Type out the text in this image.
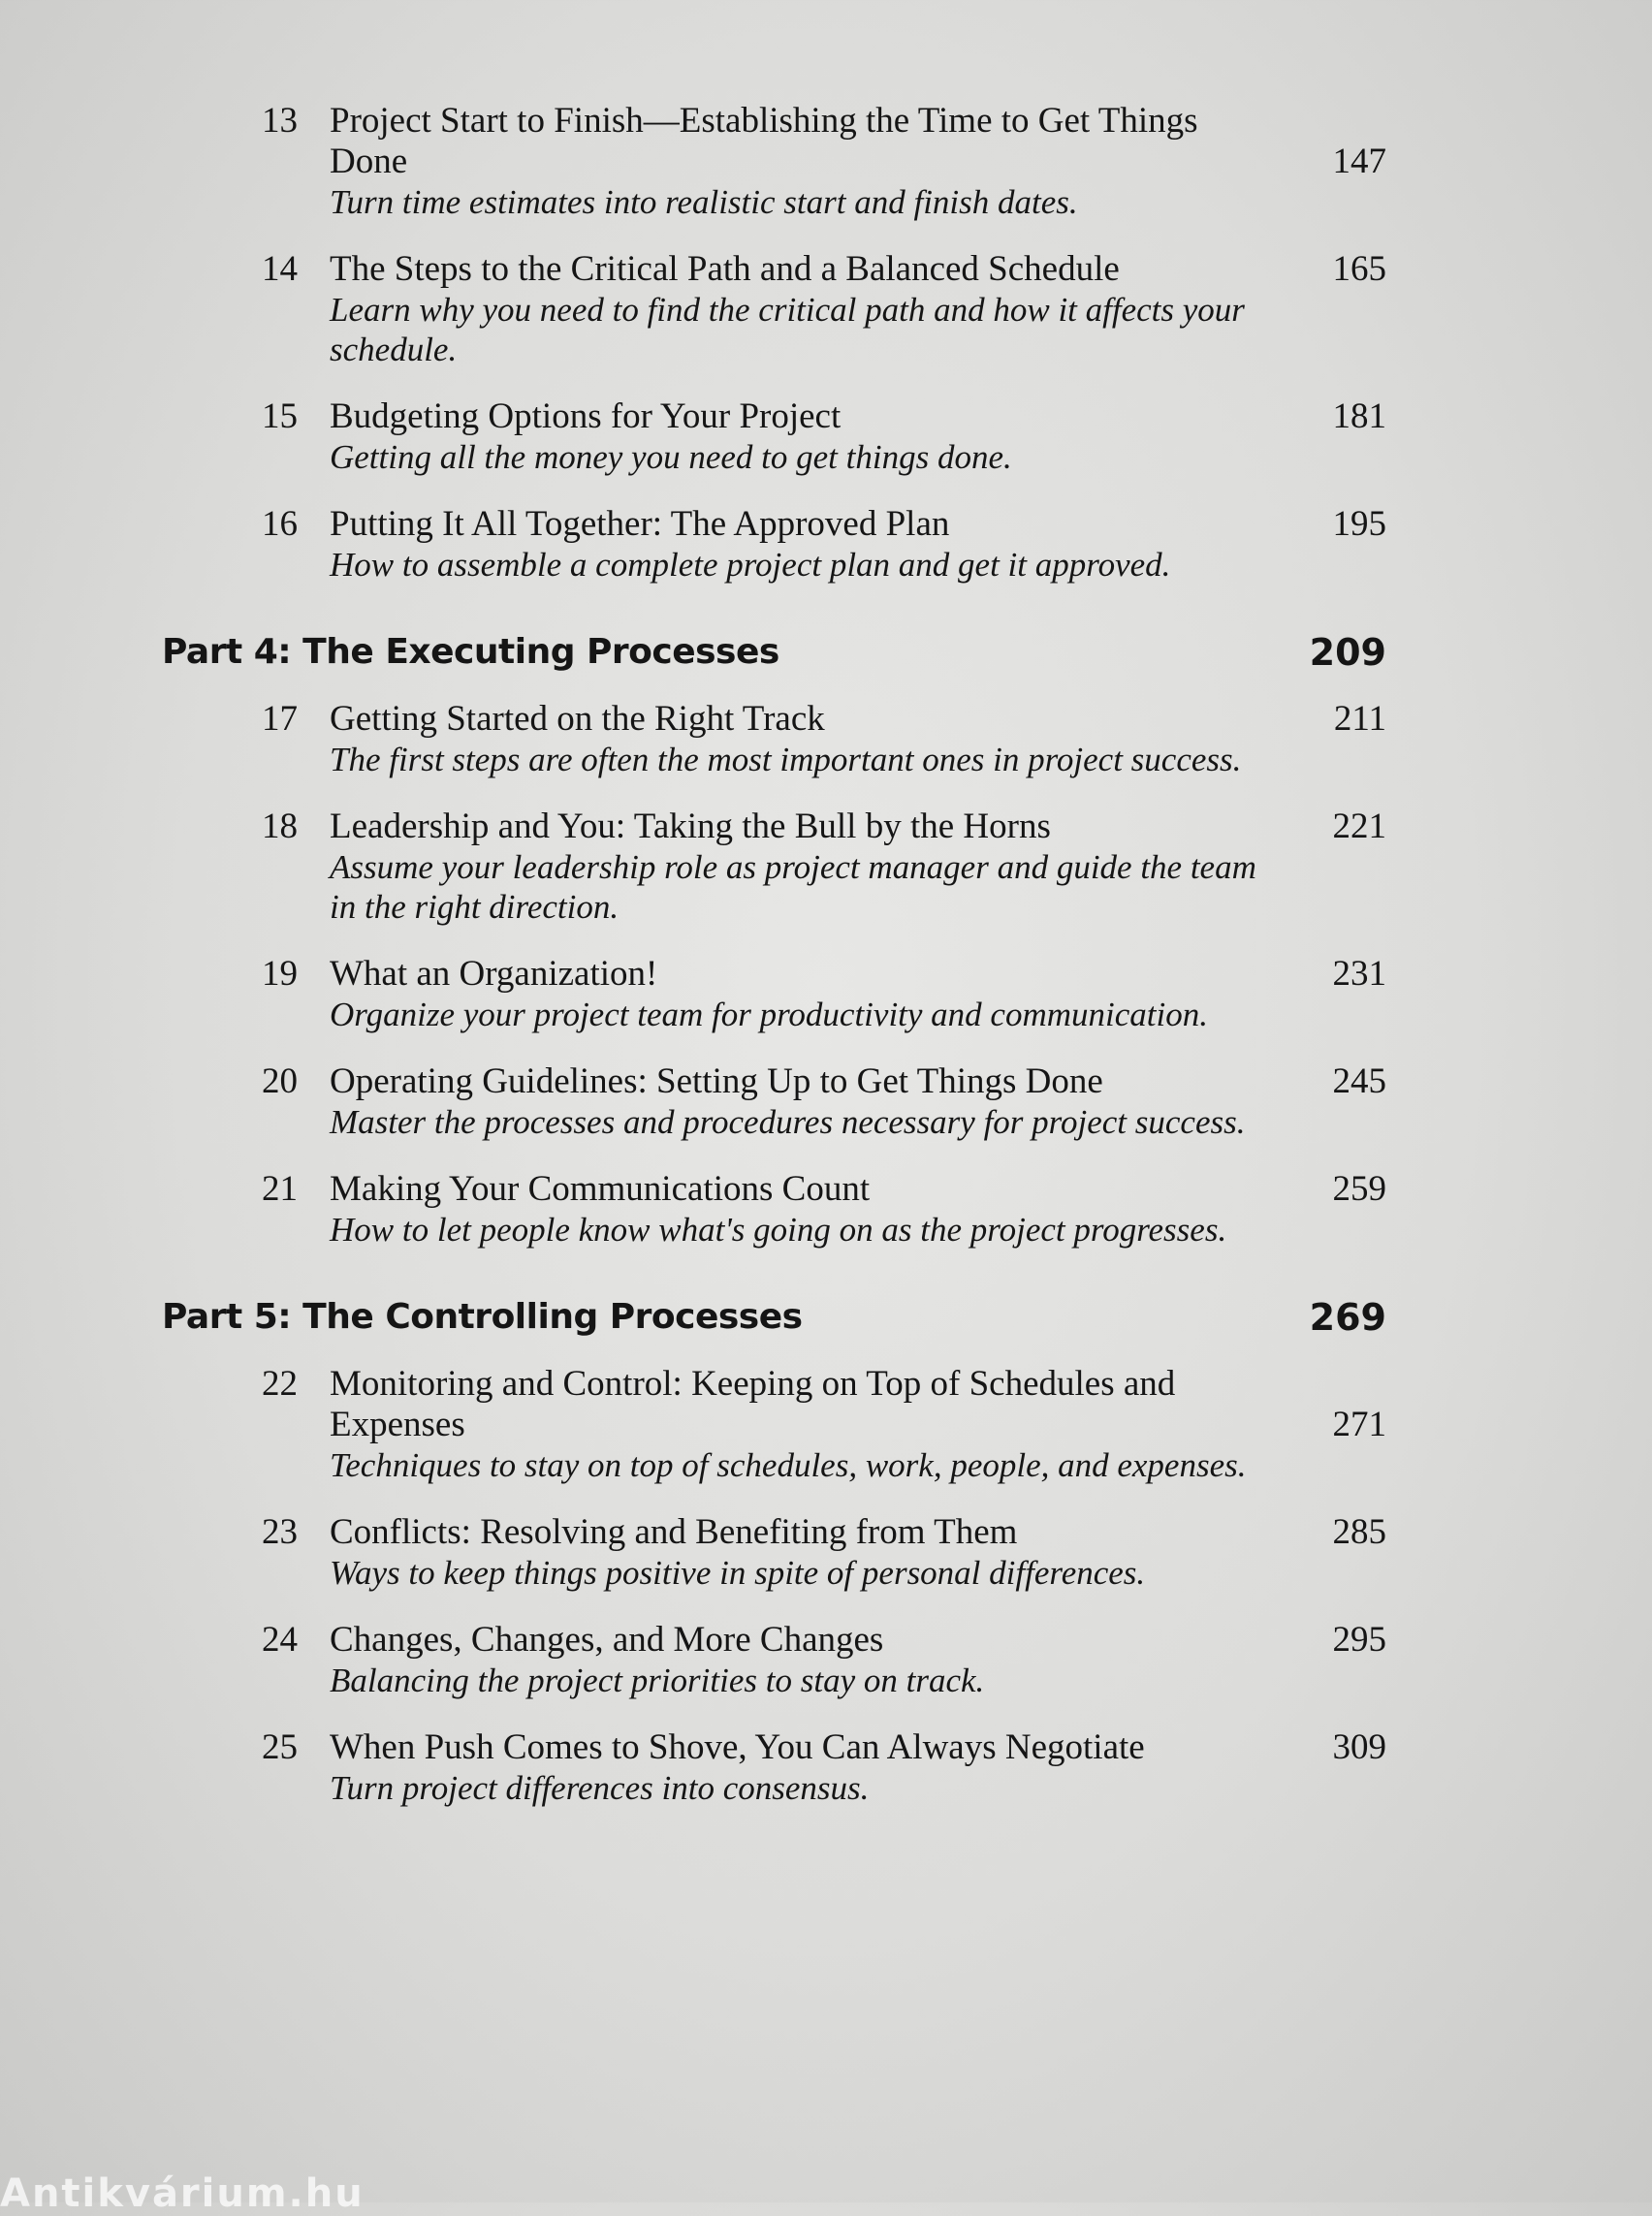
13 Project Start to Finish—Establishing the Time to Get Things Done
Turn time estimates into realistic start and finish dates.
147
14 The Steps to the Critical Path and a Balanced Schedule
Learn why you need to find the critical path and how it affects your schedule.
165
15 Budgeting Options for Your Project
Getting all the money you need to get things done.
181
16 Putting It All Together: The Approved Plan
How to assemble a complete project plan and get it approved.
195
Part 4: The Executing Processes	209
17 Getting Started on the Right Track
The first steps are often the most important ones in project success.
211
18 Leadership and You: Taking the Bull by the Horns
Assume your leadership role as project manager and guide the team in the right direction.
221
19 What an Organization!
Organize your project team for productivity and communication.
231
20 Operating Guidelines: Setting Up to Get Things Done
Master the processes and procedures necessary for project success.
245
21 Making Your Communications Count
How to let people know what's going on as the project progresses.
259
Part 5: The Controlling Processes	269
22 Monitoring and Control: Keeping on Top of Schedules and Expenses
Techniques to stay on top of schedules, work, people, and expenses.
271
23 Conflicts: Resolving and Benefiting from Them
Ways to keep things positive in spite of personal differences.
285
24 Changes, Changes, and More Changes
Balancing the project priorities to stay on track.
295
25 When Push Comes to Shove, You Can Always Negotiate
Turn project differences into consensus.
309
Antikvárium.hu
